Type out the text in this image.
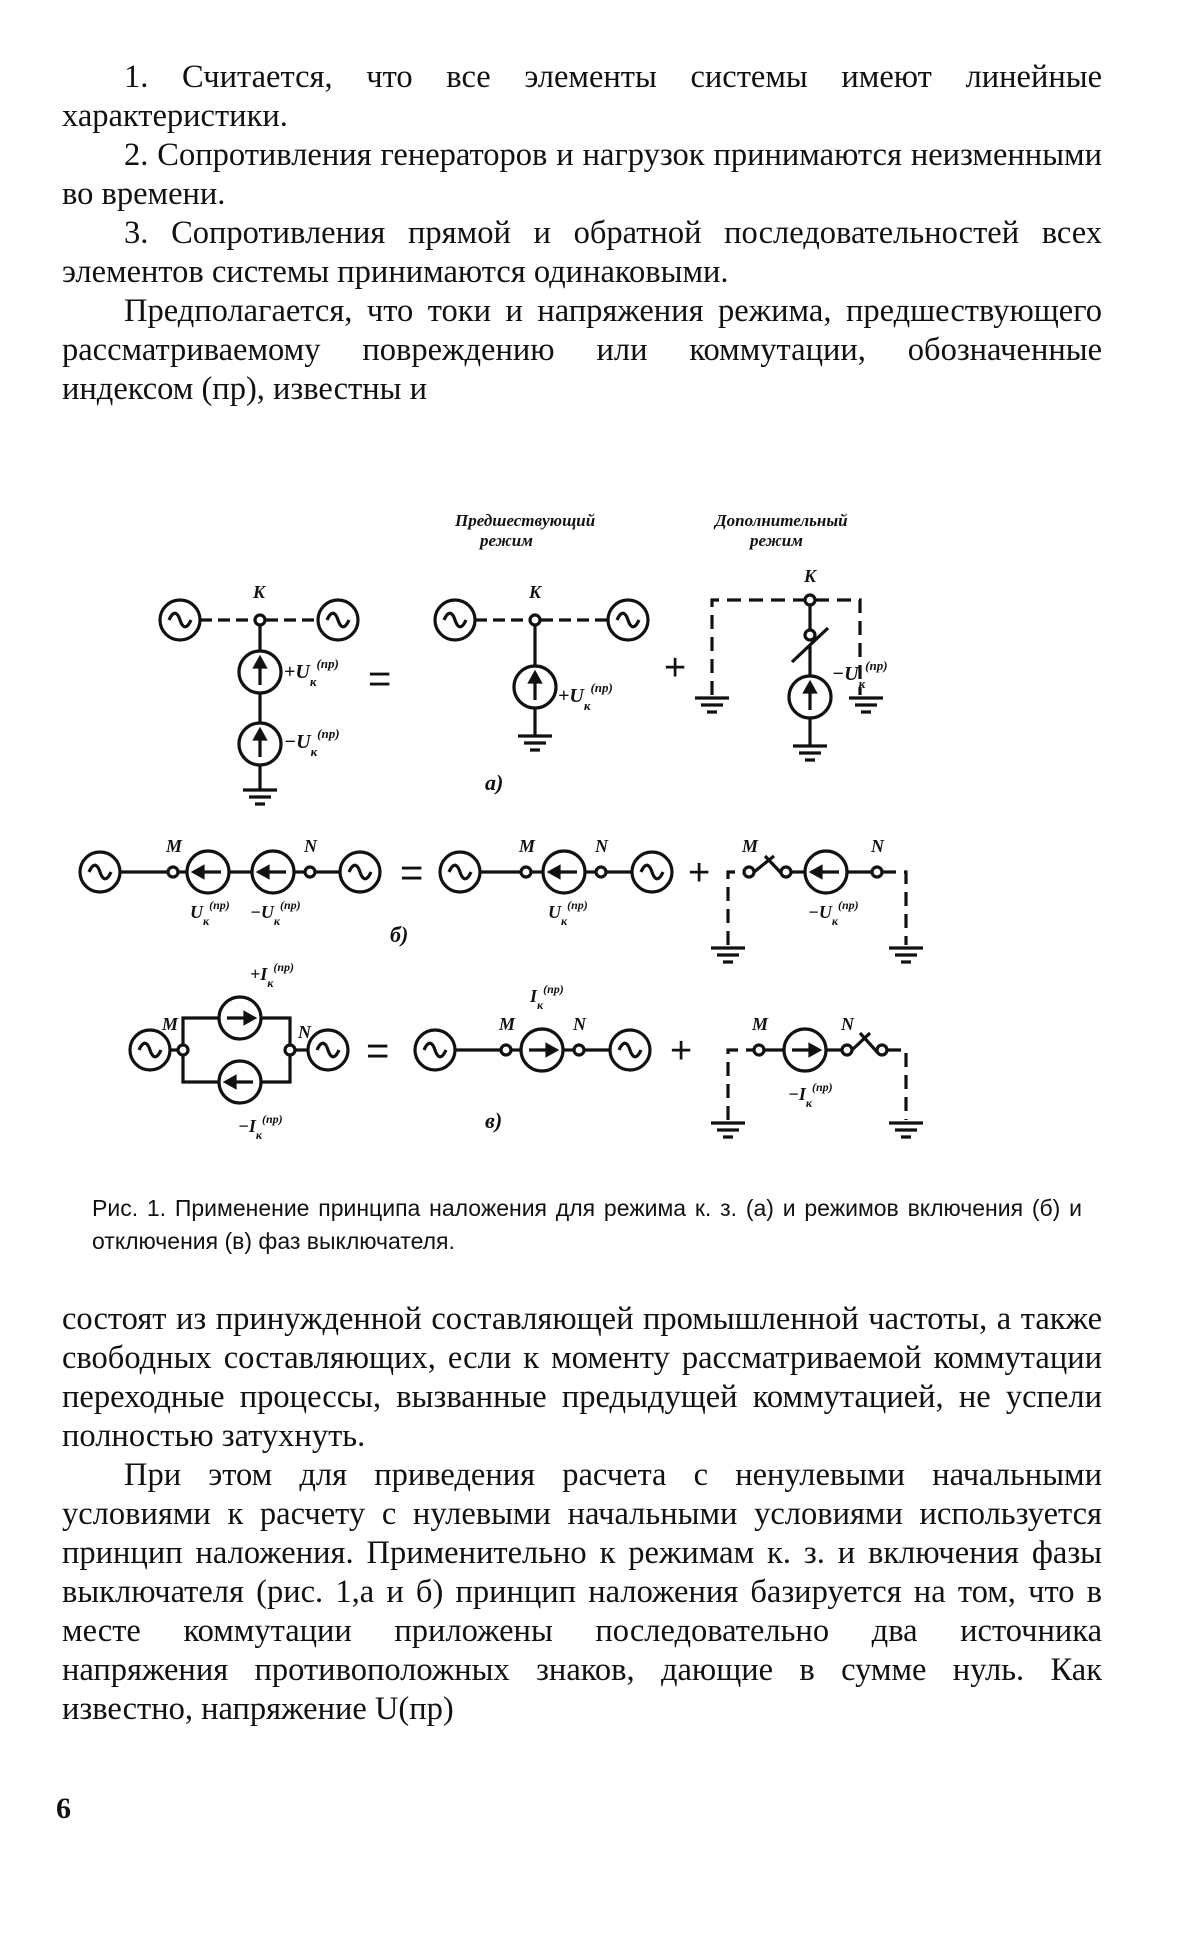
1. Считается, что все элементы системы имеют линейные характеристики.

2. Сопротивления генераторов и нагрузок принимаются неизменными во времени.

3. Сопротивления прямой и обратной последовательностей всех элементов системы принимаются одинаковыми.

Предполагается, что токи и напряжения режима, предшествующего рассматриваемому повреждению или коммутации, обозначенные индексом (пр), известны и

Предшествующий
режим
Дополнительный
режим
K
$+U_к^{(пр)}$
$-U_к^{(пр)}$
=
K
$+U_к^{(пр)}$ +
K
$-U_к^{(пр)}$
а)
M	N
$U_к^{(пр)} -U_к^{(пр)}$
=
M	N
$U_к^{(пр)}$
+
M	N
$-U_к^{(пр)}$
б)
M	N
$+I_к^{(пр)}$
$-I_к^{(пр)}$
=
M	N
$I_к^{(пр)}$
+
M	N
$-I_к^{(пр)}$
в)
Рис. 1. Применение принципа наложения для режима к. з. (а) и режимов включения (б) и отключения (в) фаз выключателя.

состоят из принужденной составляющей промышленной частоты, а также свободных составляющих, если к моменту рассматриваемой коммутации переходные процессы, вызванные предыдущей коммутацией, не успели полностью затухнуть.

При этом для приведения расчета с ненулевыми начальными условиями к расчету с нулевыми начальными условиями используется принцип наложения. Применительно к режимам к. з. и включения фазы выключателя (рис. 1,а и б) принцип наложения базируется на том, что в месте коммутации приложены последовательно два источника напряжения противоположных знаков, дающие в сумме нуль. Как известно, напряжение U(пр)

6
